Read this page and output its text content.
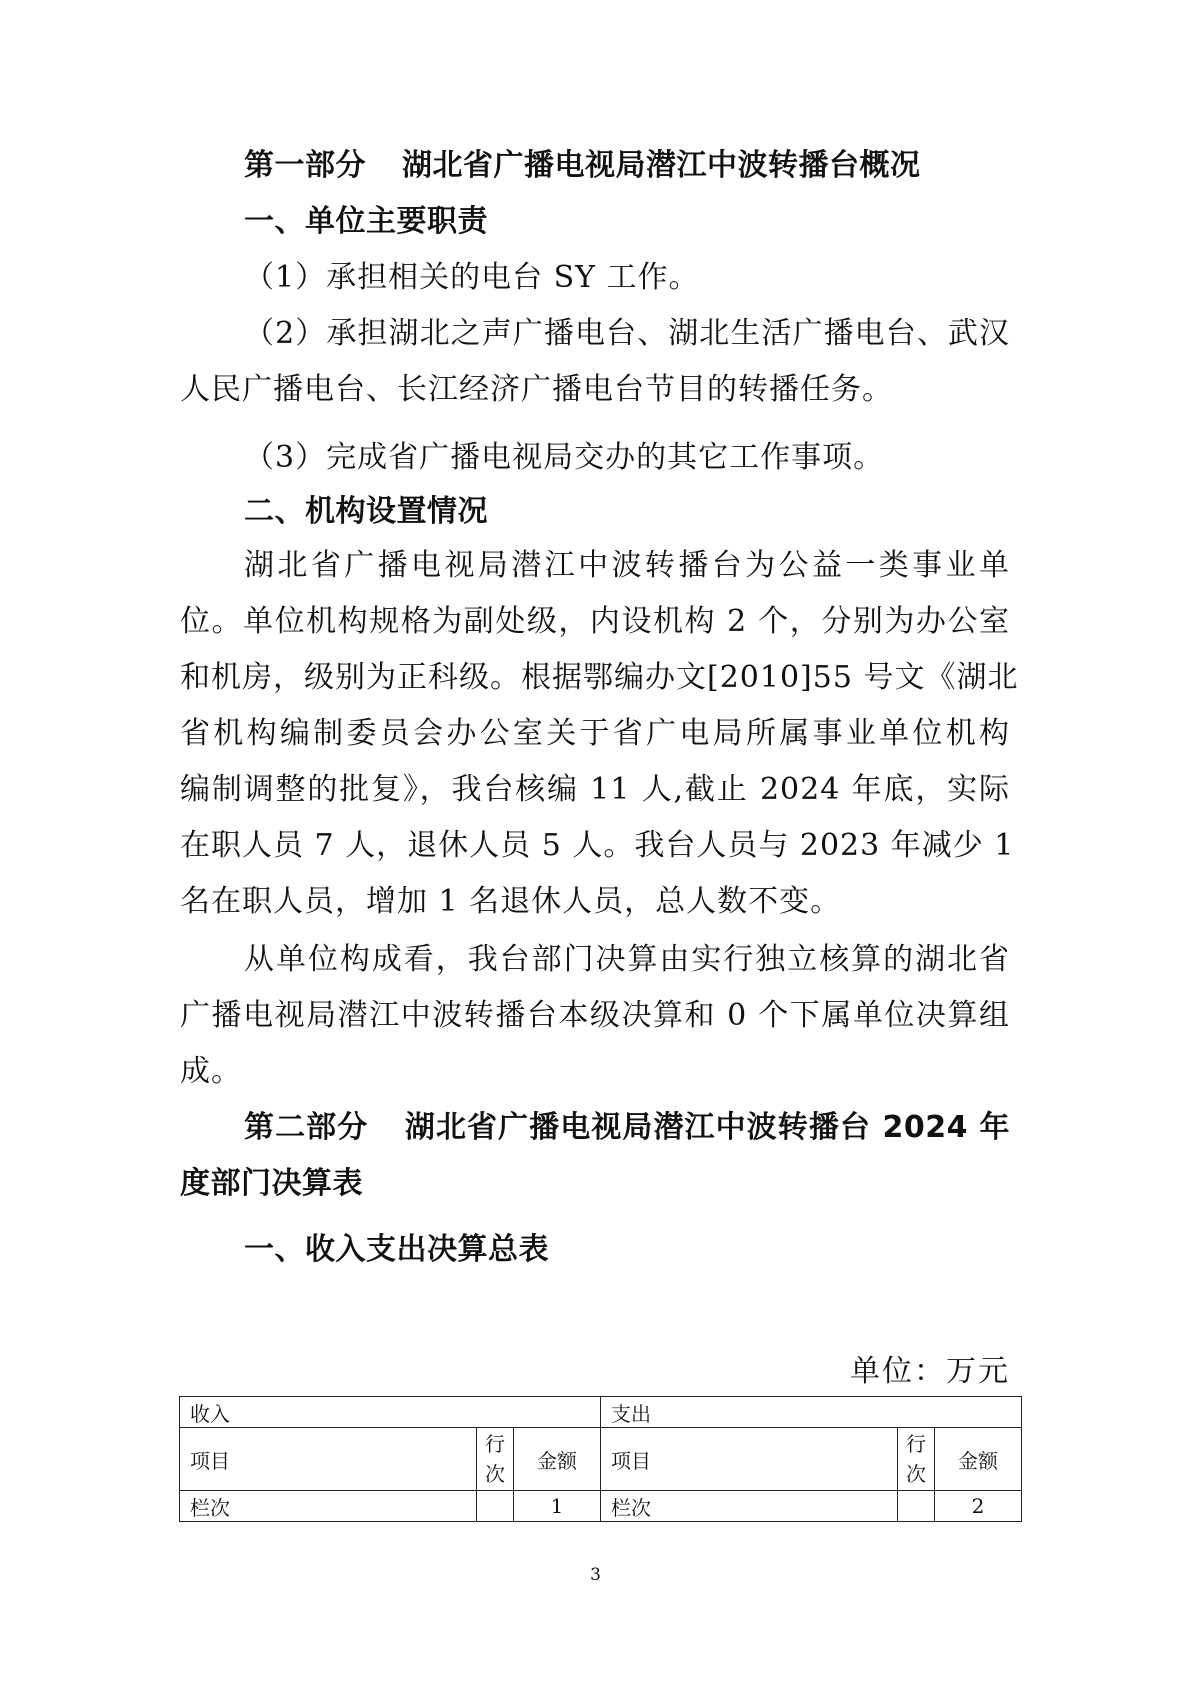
第一部分 湖北省广播电视局潜江中波转播台概况
一、单位主要职责
（1）承担相关的电台 SY 工作。
（2）承担湖北之声广播电台、湖北生活广播电台、武汉
人民广播电台、长江经济广播电台节目的转播任务。
（3）完成省广播电视局交办的其它工作事项。
二、机构设置情况
湖北省广播电视局潜江中波转播台为公益一类事业单
位。单位机构规格为副处级，内设机构 2 个，分别为办公室
和机房，级别为正科级。根据鄂编办文[2010]55 号文《湖北
省机构编制委员会办公室关于省广电局所属事业单位机构
编制调整的批复》，我台核编 11 人,截止 2024 年底，实际
在职人员 7 人，退休人员 5 人。我台人员与 2023 年减少 1
名在职人员，增加 1 名退休人员，总人数不变。
从单位构成看，我台部门决算由实行独立核算的湖北省
广播电视局潜江中波转播台本级决算和 0 个下属单位决算组
成。
第二部分 湖北省广播电视局潜江中波转播台 2024 年
度部门决算表
一、收入支出决算总表
单位：万元
收入			支出		
项目	行次	金额	项目	行次	金额
栏次		1	栏次		2
3
